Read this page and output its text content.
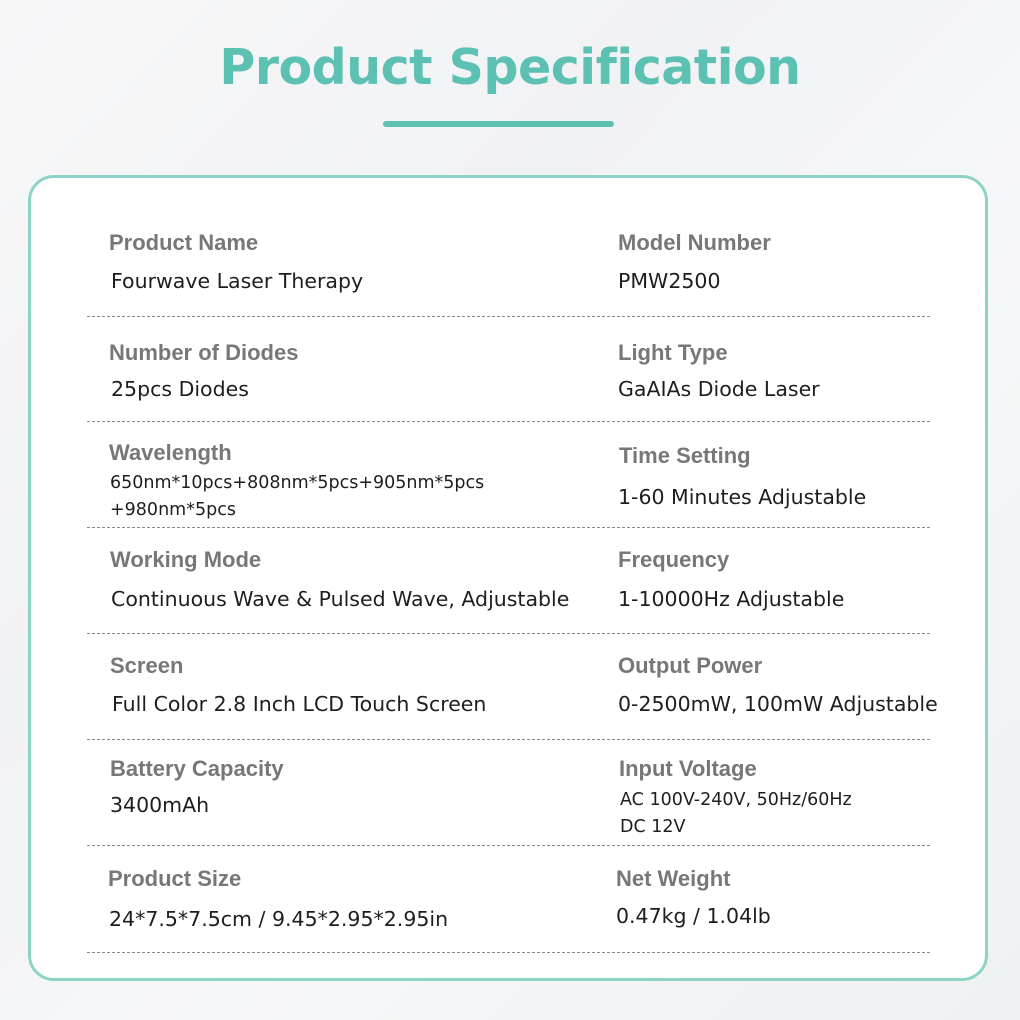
Product Specification
Product Name
Fourwave Laser Therapy
Model Number
PMW2500
Number of Diodes
25pcs Diodes
Light Type
GaAIAs Diode Laser
Wavelength
650nm*10pcs+808nm*5pcs+905nm*5pcs
+980nm*5pcs
Time Setting
1-60 Minutes Adjustable
Working Mode
Continuous Wave & Pulsed Wave, Adjustable
Frequency
1-10000Hz Adjustable
Screen
Full Color 2.8 Inch LCD Touch Screen
Output Power
0-2500mW, 100mW Adjustable
Battery Capacity
3400mAh
Input Voltage
AC 100V-240V, 50Hz/60Hz
DC 12V
Product Size
24*7.5*7.5cm / 9.45*2.95*2.95in
Net Weight
0.47kg / 1.04lb
